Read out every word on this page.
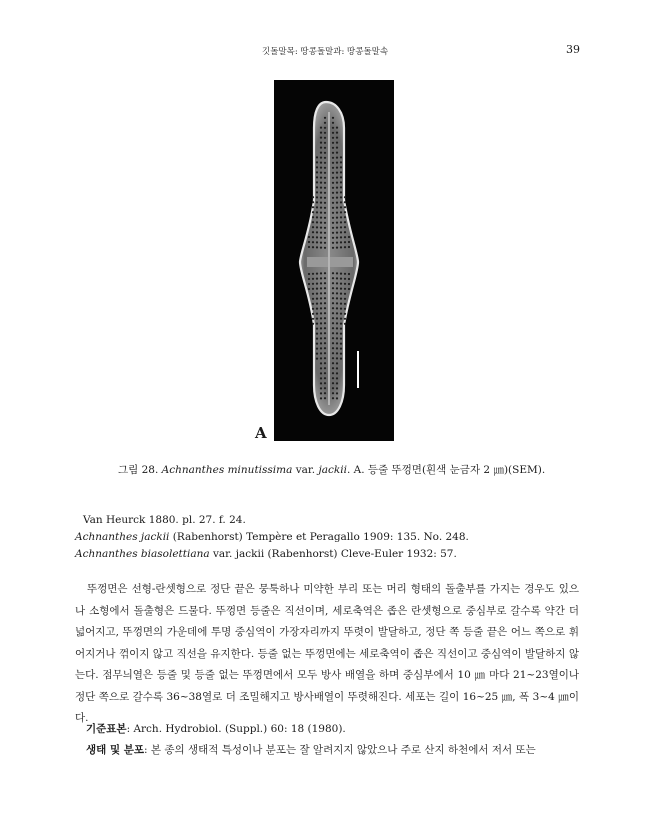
깃돌말목: 땅콩돌말과: 땅콩돌말속	39
A
그림 28. Achnanthes minutissima var. jackii. A. 등줄 뚜껑면(흰색 눈금자 2 ㎛)(SEM).
Van Heurck 1880. pl. 27. f. 24.
Achnanthes jackii (Rabenhorst) Tempère et Peragallo 1909: 135. No. 248.
Achnanthes biasolettiana var. jackii (Rabenhorst) Cleve-Euler 1932: 57.

뚜껑면은 선형-란셋형으로 정단 끝은 뭉툭하나 미약한 부리 또는 머리 형태의 돌출부를 가지는 경우도 있으나 소형에서 돌출형은 드물다. 뚜껑면 등줄은 직선이며, 세로축역은 좁은 란셋형으로 중심부로 갈수록 약간 더 넓어지고, 뚜껑면의 가운데에 투명 중심역이 가장자리까지 뚜렷이 발달하고, 정단 쪽 등줄 끝은 어느 쪽으로 휘어지거나 꺾이지 않고 직선을 유지한다. 등줄 없는 뚜껑면에는 세로축역이 좁은 직선이고 중심역이 발달하지 않는다. 점무늬열은 등줄 및 등줄 없는 뚜껑면에서 모두 방사 배열을 하며 중심부에서 10 ㎛ 마다 21~23열이나 정단 쪽으로 갈수록 36~38열로 더 조밀해지고 방사배열이 뚜렷해진다. 세포는 길이 16~25 ㎛, 폭 3~4 ㎛이다.

기준표본: Arch. Hydrobiol. (Suppl.) 60: 18 (1980).
생태 및 분포: 본 종의 생태적 특성이나 분포는 잘 알려지지 않았으나 주로 산지 하천에서 저서 또는
